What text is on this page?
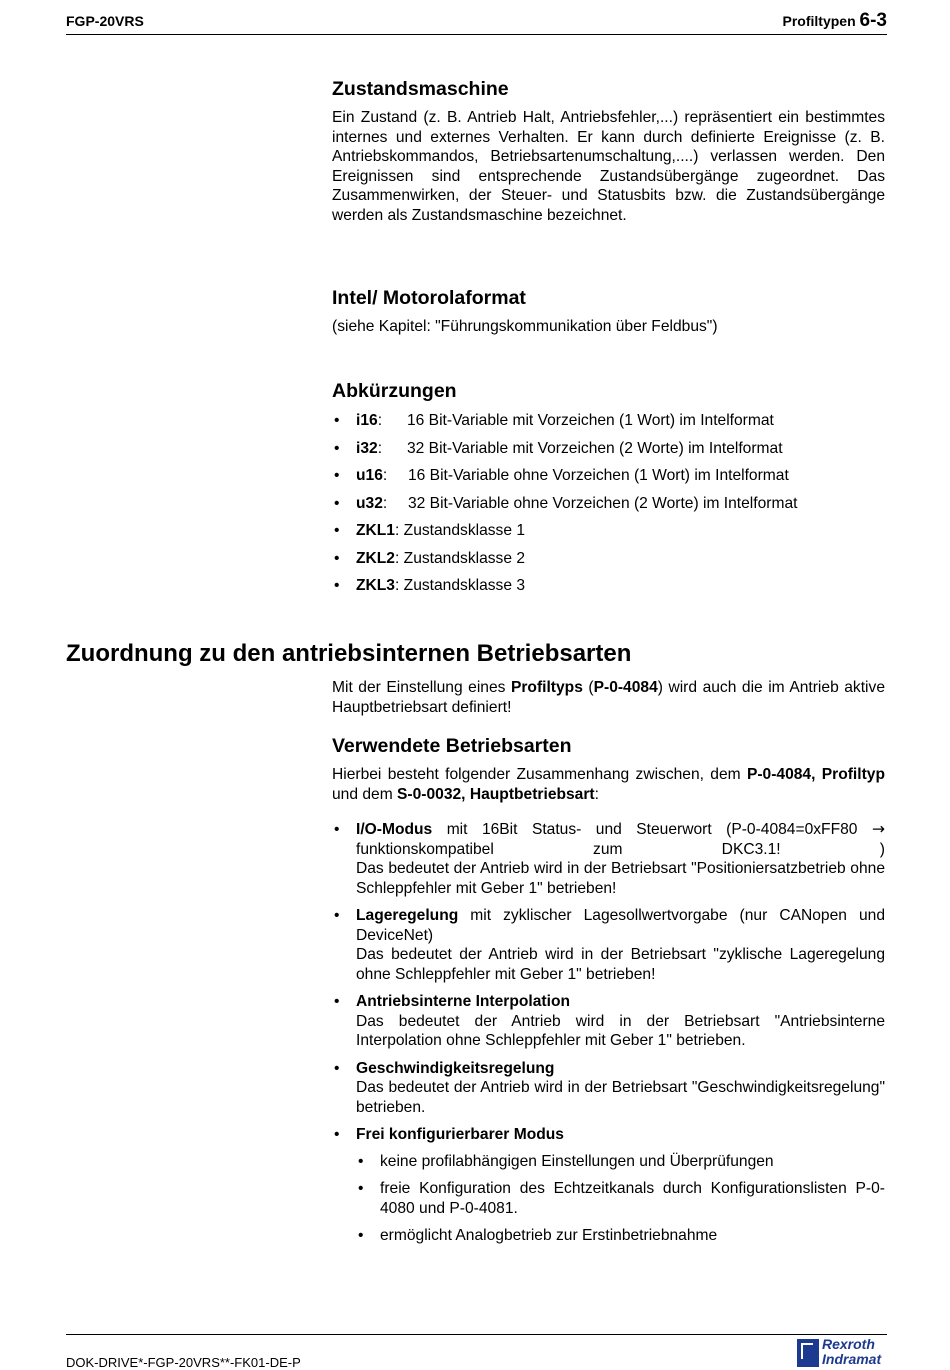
FGP-20VRS	Profiltypen 6-3
Zustandsmaschine

Ein Zustand (z. B. Antrieb Halt, Antriebsfehler,...) repräsentiert ein bestimmtes internes und externes Verhalten. Er kann durch definierte Ereignisse (z. B. Antriebskommandos, Betriebsartenumschaltung,....) verlassen werden. Den Ereignissen sind entsprechende Zustandsübergänge zugeordnet. Das Zusammenwirken, der Steuer- und Statusbits bzw. die Zustandsübergänge werden als Zustandsmaschine bezeichnet.

Intel/ Motorolaformat

(siehe Kapitel: "Führungskommunikation über Feldbus")

Abkürzungen
• i16: 16 Bit-Variable mit Vorzeichen (1 Wort) im Intelformat
• i32: 32 Bit-Variable mit Vorzeichen (2 Worte) im Intelformat
• u16: 16 Bit-Variable ohne Vorzeichen (1 Wort) im Intelformat
• u32: 32 Bit-Variable ohne Vorzeichen (2 Worte) im Intelformat
• ZKL1: Zustandsklasse 1
• ZKL2: Zustandsklasse 2
• ZKL3: Zustandsklasse 3
Zuordnung zu den antriebsinternen Betriebsarten

Mit der Einstellung eines Profiltyps (P-0-4084) wird auch die im Antrieb aktive Hauptbetriebsart definiert!

Verwendete Betriebsarten

Hierbei besteht folgender Zusammenhang zwischen, dem P-0-4084, Profiltyp und dem S-0-0032, Hauptbetriebsart:

• I/O-Modus mit 16Bit Status- und Steuerwort (P-0-4084=0xFF80 → funktionskompatibel zum DKC3.1! )

Das bedeutet der Antrieb wird in der Betriebsart "Positioniersatzbetrieb ohne Schleppfehler mit Geber 1" betrieben!

• Lageregelung mit zyklischer Lagesollwertvorgabe (nur CANopen und DeviceNet)

Das bedeutet der Antrieb wird in der Betriebsart "zyklische Lageregelung ohne Schleppfehler mit Geber 1" betrieben!

• Antriebsinterne Interpolation

Das bedeutet der Antrieb wird in der Betriebsart "Antriebsinterne Interpolation ohne Schleppfehler mit Geber 1" betrieben.

• Geschwindigkeitsregelung

Das bedeutet der Antrieb wird in der Betriebsart "Geschwindigkeitsregelung" betrieben.

• Frei konfigurierbarer Modus

• keine profilabhängigen Einstellungen und Überprüfungen

• freie Konfiguration des Echtzeitkanals durch Konfigurationslisten P-0-4080 und P-0-4081.

• ermöglicht Analogbetrieb zur Erstinbetriebnahme

DOK-DRIVE*-FGP-20VRS**-FK01-DE-P
Rexroth
Indramat
